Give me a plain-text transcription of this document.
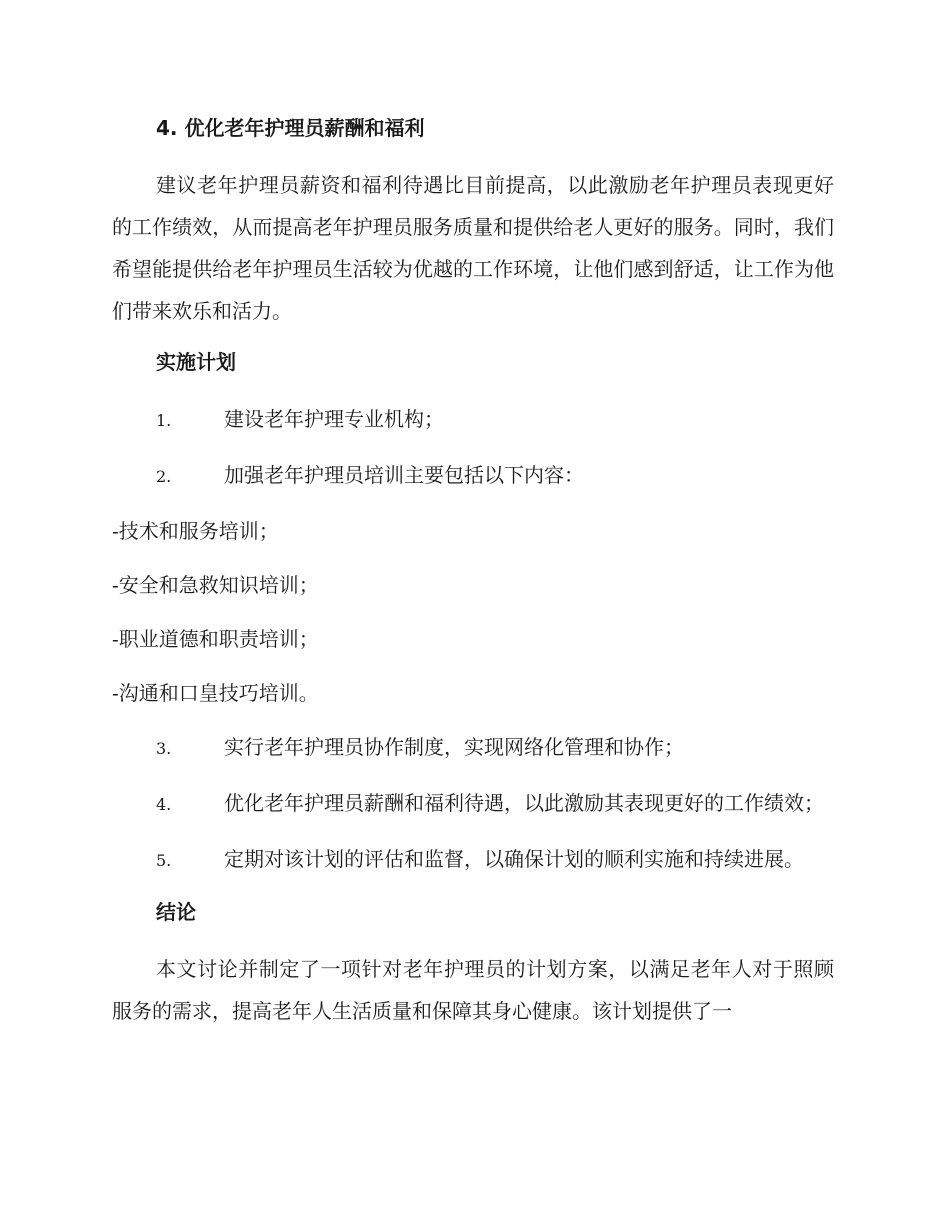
4. 优化老年护理员薪酬和福利

建议老年护理员薪资和福利待遇比目前提高，以此激励老年护理员表现更好的工作绩效，从而提高老年护理员服务质量和提供给老人更好的服务。同时，我们希望能提供给老年护理员生活较为优越的工作环境，让他们感到舒适，让工作为他们带来欢乐和活力。

实施计划
1.	建设老年护理专业机构；
2.	加强老年护理员培训主要包括以下内容：
-技术和服务培训；
-安全和急救知识培训；
-职业道德和职责培训；
-沟通和口皇技巧培训。
3.	实行老年护理员协作制度，实现网络化管理和协作；
4.	优化老年护理员薪酬和福利待遇，以此激励其表现更好的工作绩效；
5.	定期对该计划的评估和监督，以确保计划的顺利实施和持续进展。
结论

本文讨论并制定了一项针对老年护理员的计划方案，以满足老年人对于照顾服务的需求，提高老年人生活质量和保障其身心健康。该计划提供了一
